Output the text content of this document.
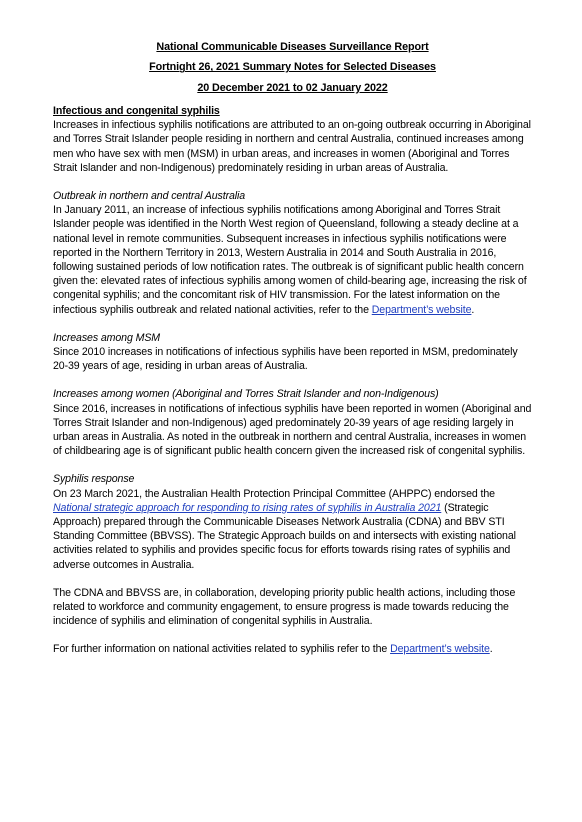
National Communicable Diseases Surveillance Report
Fortnight 26, 2021 Summary Notes for Selected Diseases
20 December 2021 to 02 January 2022
Infectious and congenital syphilis

Increases in infectious syphilis notifications are attributed to an on-going outbreak occurring in Aboriginal and Torres Strait Islander people residing in northern and central Australia, continued increases among men who have sex with men (MSM) in urban areas, and increases in women (Aboriginal and Torres Strait Islander and non-Indigenous) predominately residing in urban areas of Australia.

Outbreak in northern and central Australia

In January 2011, an increase of infectious syphilis notifications among Aboriginal and Torres Strait Islander people was identified in the North West region of Queensland, following a steady decline at a national level in remote communities. Subsequent increases in infectious syphilis notifications were reported in the Northern Territory in 2013, Western Australia in 2014 and South Australia in 2016, following sustained periods of low notification rates. The outbreak is of significant public health concern given the: elevated rates of infectious syphilis among women of child-bearing age, increasing the risk of congenital syphilis; and the concomitant risk of HIV transmission. For the latest information on the infectious syphilis outbreak and related national activities, refer to the Department’s website.

Increases among MSM

Since 2010 increases in notifications of infectious syphilis have been reported in MSM, predominately 20-39 years of age, residing in urban areas of Australia.

Increases among women (Aboriginal and Torres Strait Islander and non-Indigenous)

Since 2016, increases in notifications of infectious syphilis have been reported in women (Aboriginal and Torres Strait Islander and non-Indigenous) aged predominately 20-39 years of age residing largely in urban areas in Australia. As noted in the outbreak in northern and central Australia, increases in women of childbearing age is of significant public health concern given the increased risk of congenital syphilis.

Syphilis response

On 23 March 2021, the Australian Health Protection Principal Committee (AHPPC) endorsed the National strategic approach for responding to rising rates of syphilis in Australia 2021 (Strategic Approach) prepared through the Communicable Diseases Network Australia (CDNA) and BBV STI Standing Committee (BBVSS). The Strategic Approach builds on and intersects with existing national activities related to syphilis and provides specific focus for efforts towards rising rates of syphilis and adverse outcomes in Australia.

The CDNA and BBVSS are, in collaboration, developing priority public health actions, including those related to workforce and community engagement, to ensure progress is made towards reducing the incidence of syphilis and elimination of congenital syphilis in Australia.

For further information on national activities related to syphilis refer to the Department’s website.
